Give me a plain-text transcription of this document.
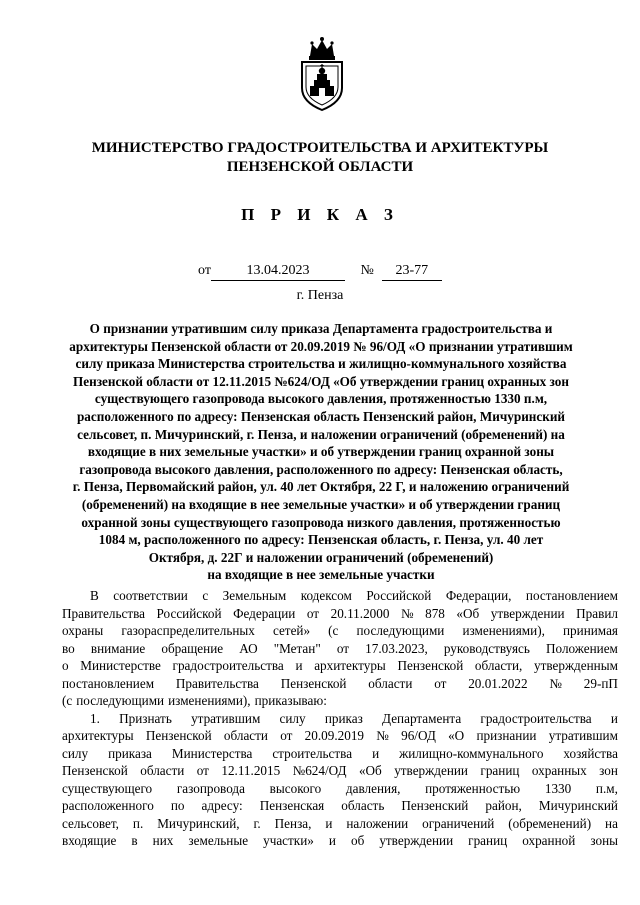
МИНИСТЕРСТВО ГРАДОСТРОИТЕЛЬСТВА И АРХИТЕКТУРЫ
ПЕНЗЕНСКОЙ ОБЛАСТИ
П Р И К А З
от	13.04.2023	№ 23-77
г. Пенза
О признании утратившим силу приказа Департамента градостроительства и
архитектуры Пензенской области от 20.09.2019 № 96/ОД «О признании утратившим
силу приказа Министерства строительства и жилищно-коммунального хозяйства
Пензенской области от 12.11.2015 №624/ОД «Об утверждении границ охранных зон
существующего газопровода высокого давления, протяженностью 1330 п.м,
расположенного по адресу: Пензенская область Пензенский район, Мичуринский
сельсовет, п. Мичуринский, г. Пенза, и наложении ограничений (обременений) на
входящие в них земельные участки» и об утверждении границ охранной зоны
газопровода высокого давления, расположенного по адресу: Пензенская область,
г. Пенза, Первомайский район, ул. 40 лет Октября, 22 Г, и наложению ограничений
(обременений) на входящие в нее земельные участки» и об утверждении границ
охранной зоны существующего газопровода низкого давления, протяженностью
1084 м, расположенного по адресу: Пензенская область, г. Пенза, ул. 40 лет
Октября, д. 22Г и наложении ограничений (обременений)
на входящие в нее земельные участки
В соответствии с Земельным кодексом Российской Федерации, постановлением
Правительства Российской Федерации от 20.11.2000 № 878 «Об утверждении Правил
охраны газораспределительных сетей» (с последующими изменениями), принимая
во внимание обращение АО "Метан" от 17.03.2023, руководствуясь Положением
о Министерстве градостроительства и архитектуры Пензенской области, утвержденным
постановлением Правительства Пензенской области от 20.01.2022 № 29-пП
(с последующими изменениями), приказываю:
1. Признать утратившим силу приказ Департамента градостроительства и
архитектуры Пензенской области от 20.09.2019 № 96/ОД «О признании утратившим
силу приказа Министерства строительства и жилищно-коммунального хозяйства
Пензенской области от 12.11.2015 №624/ОД «Об утверждении границ охранных зон
существующего газопровода высокого давления, протяженностью 1330 п.м,
расположенного по адресу: Пензенская область Пензенский район, Мичуринский
сельсовет, п. Мичуринский, г. Пенза, и наложении ограничений (обременений) на
входящие в них земельные участки» и об утверждении границ охранной зоны
